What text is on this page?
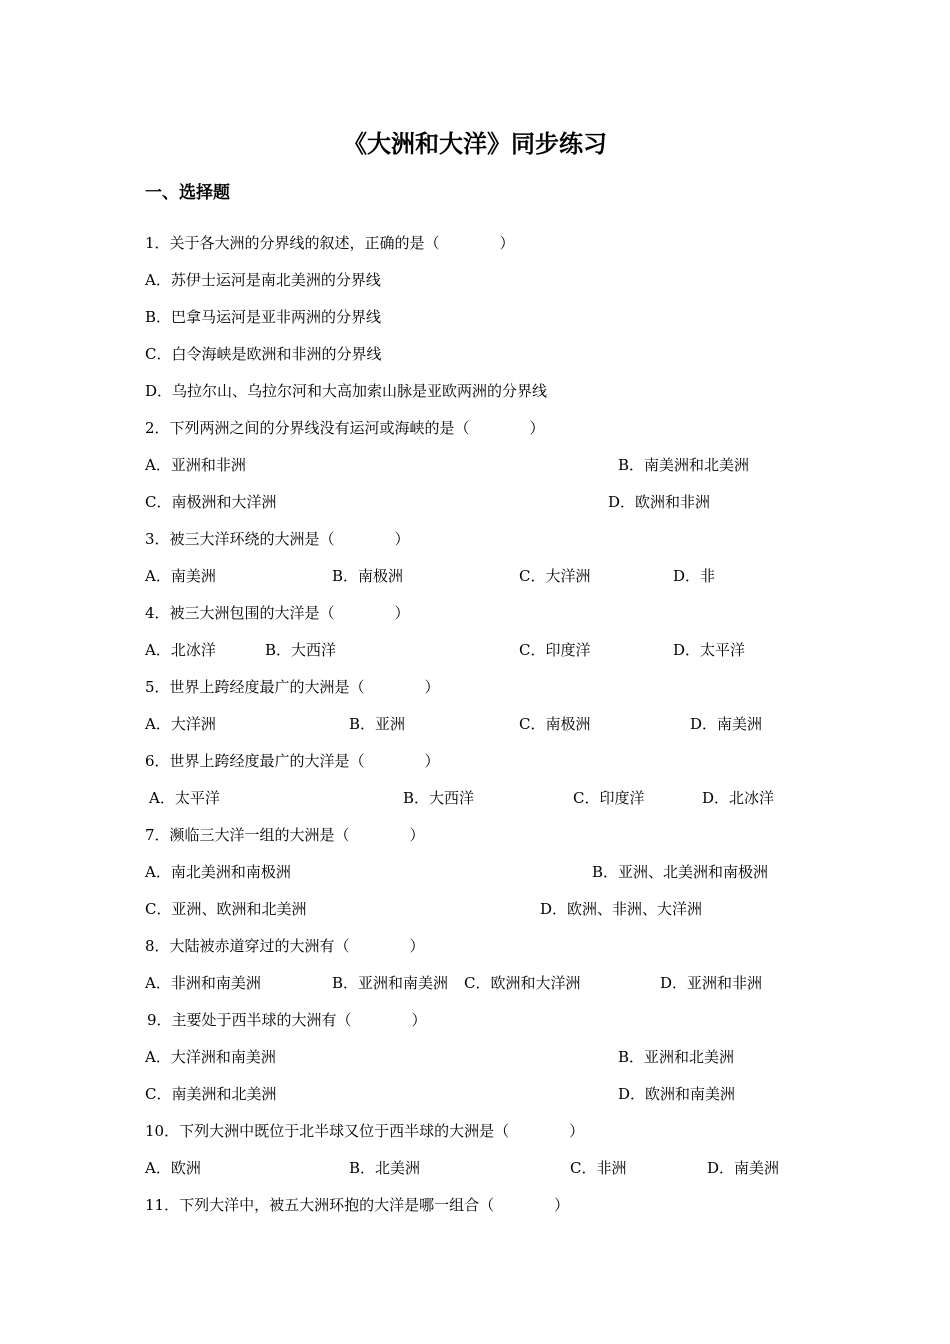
《大洲和大洋》同步练习
一、选择题
1．关于各大洲的分界线的叙述，正确的是（　　　　）
A．苏伊士运河是南北美洲的分界线
B．巴拿马运河是亚非两洲的分界线
C．白令海峡是欧洲和非洲的分界线
D．乌拉尔山、乌拉尔河和大高加索山脉是亚欧两洲的分界线
2．下列两洲之间的分界线没有运河或海峡的是（　　　　）
A．亚洲和非洲	B．南美洲和北美洲
C．南极洲和大洋洲	D．欧洲和非洲
3．被三大洋环绕的大洲是（　　　　）
A．南美洲	B．南极洲	C．大洋洲	D．非
4．被三大洲包围的大洋是（　　　　）
A．北冰洋	B．大西洋	C．印度洋	D．太平洋
5．世界上跨经度最广的大洲是（　　　　）
A．大洋洲	B．亚洲	C．南极洲	D．南美洲
6．世界上跨经度最广的大洋是（　　　　）
A．太平洋	B．大西洋	C．印度洋	D．北冰洋
7．濒临三大洋一组的大洲是（　　　　）
A．南北美洲和南极洲	B．亚洲、北美洲和南极洲
C．亚洲、欧洲和北美洲	D．欧洲、非洲、大洋洲
8．大陆被赤道穿过的大洲有（　　　　）
A．非洲和南美洲	B．亚洲和南美洲 C．欧洲和大洋洲	D．亚洲和非洲
9．主要处于西半球的大洲有（　　　　）
A．大洋洲和南美洲	B．亚洲和北美洲
C．南美洲和北美洲	D．欧洲和南美洲
10．下列大洲中既位于北半球又位于西半球的大洲是（　　　　）
A．欧洲	B．北美洲	C．非洲	D．南美洲
11．下列大洋中，被五大洲环抱的大洋是哪一组合（　　　　）
